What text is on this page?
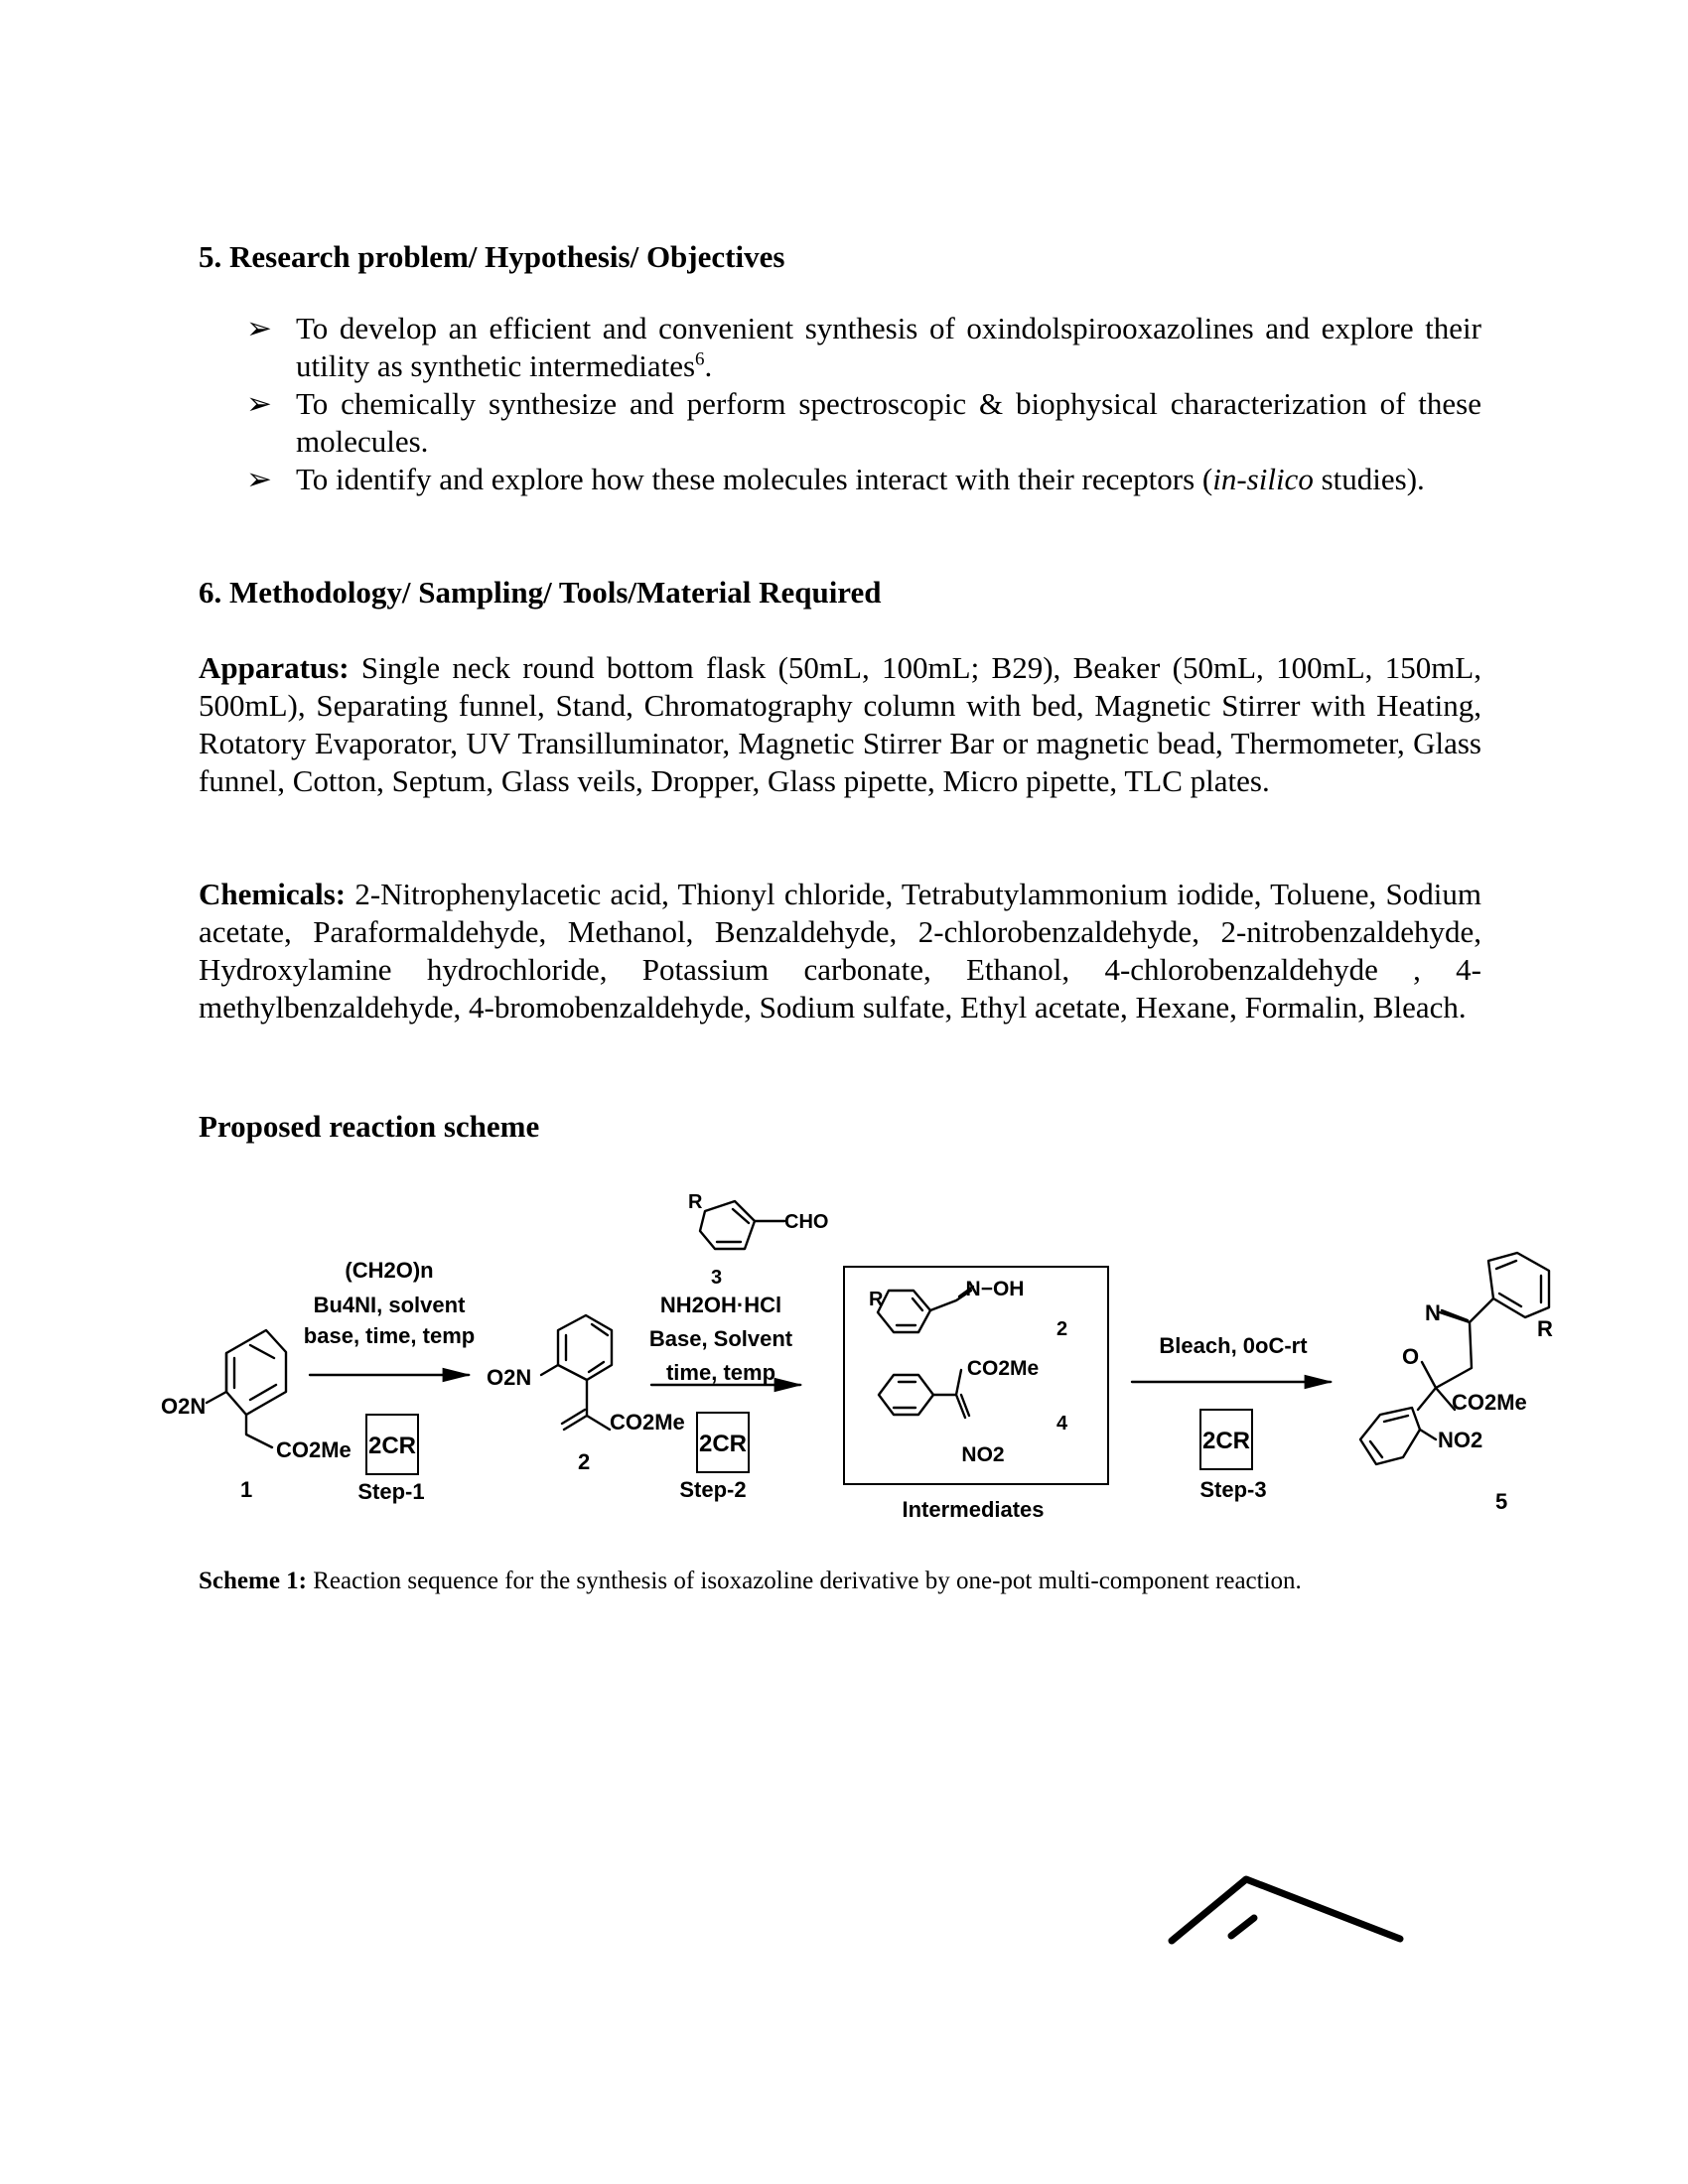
5. Research problem/ Hypothesis/ Objectives
➢ To develop an efficient and convenient synthesis of oxindolspirooxazolines and explore their utility as synthetic intermediates$^6$.
➢ To chemically synthesize and perform spectroscopic & biophysical characterization of these molecules.
➢ To identify and explore how these molecules interact with their receptors (in-silico studies).
6. Methodology/ Sampling/ Tools/Material Required

Apparatus: Single neck round bottom flask (50mL, 100mL; B29), Beaker (50mL, 100mL, 150mL, 500mL), Separating funnel, Stand, Chromatography column with bed, Magnetic Stirrer with Heating, Rotatory Evaporator, UV Transilluminator, Magnetic Stirrer Bar or magnetic bead, Thermometer, Glass funnel, Cotton, Septum, Glass veils, Dropper, Glass pipette, Micro pipette, TLC plates.

Chemicals: 2-Nitrophenylacetic acid, Thionyl chloride, Tetrabutylammonium iodide, Toluene, Sodium acetate, Paraformaldehyde, Methanol, Benzaldehyde, 2-chlorobenzaldehyde, 2-nitrobenzaldehyde, Hydroxylamine hydrochloride, Potassium carbonate, Ethanol, 4-chlorobenzaldehyde , 4-methylbenzaldehyde, 4-bromobenzaldehyde, Sodium sulfate, Ethyl acetate, Hexane, Formalin, Bleach.

Proposed reaction scheme
O2N
CO2Me
1
(CH2O)n
Bu4NI, solvent
base, time, temp
2CR
Step-1
O2N
CO2Me
2
R
CHO
3
NH2OH·HCl
Base, Solvent
time, temp
2CR
Step-2
R	N−OH
2
CO2Me
NO2
4
Intermediates
Bleach, 0oC-rt
2CR
Step-3
N
O
R
CO2Me
NO2
5

Scheme 1: Reaction sequence for the synthesis of isoxazoline derivative by one-pot multi-component reaction.
